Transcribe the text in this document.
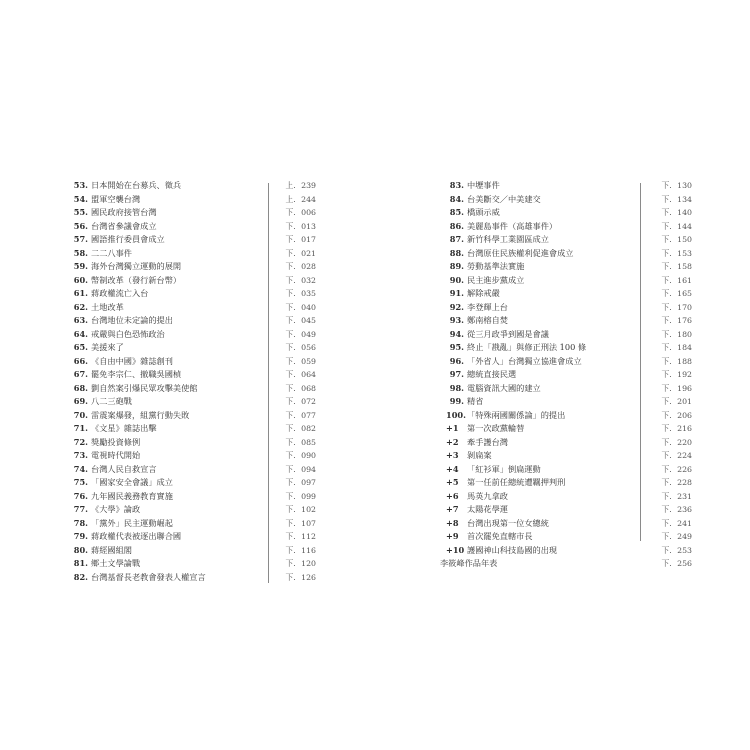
53. 日本開始在台募兵、徵兵	上．239
54. 盟軍空襲台灣	上．244
55. 國民政府接管台灣	下．006
56. 台灣省參議會成立	下．013
57. 國語推行委員會成立	下．017
58. 二二八事件	下．021
59. 海外台灣獨立運動的展開	下．028
60. 幣制改革（發行新台幣）	下．032
61. 蔣政權流亡入台	下．035
62. 土地改革	下．040
63. 台灣地位未定論的提出	下．045
64. 戒嚴與白色恐怖政治	下．049
65. 美援來了	下．056
66. 《自由中國》雜誌創刊	下．059
67. 罷免李宗仁、撤職吳國楨	下．064
68. 劉自然案引爆民眾攻擊美使館	下．068
69. 八二三砲戰	下．072
70. 雷震案爆發，組黨行動失敗	下．077
71. 《文星》雜誌出擊	下．082
72. 獎勵投資條例	下．085
73. 電視時代開始	下．090
74. 台灣人民自救宣言	下．094
75. 「國家安全會議」成立	下．097
76. 九年國民義務教育實施	下．099
77. 《大學》論政	下．102
78. 「黨外」民主運動崛起	下．107
79. 蔣政權代表被逐出聯合國	下．112
80. 蔣經國組閣	下．116
81. 鄉土文學論戰	下．120
82. 台灣基督長老教會發表人權宣言	下．126
83. 中壢事件	下．130
84. 台美斷交／中美建交	下．134
85. 橋頭示威	下．140
86. 美麗島事件（高雄事件）	下．144
87. 新竹科學工業園區成立	下．150
88. 台灣原住民族權利促進會成立	下．153
89. 勞動基準法實施	下．158
90. 民主進步黨成立	下．161
91. 解除戒嚴	下．165
92. 李登輝上台	下．170
93. 鄭南榕自焚	下．176
94. 從三月政爭到國是會議	下．180
95. 終止「戡亂」與修正刑法 100 條	下．184
96. 「外省人」台灣獨立協進會成立	下．188
97. 總統直接民選	下．192
98. 電腦資訊大國的建立	下．196
99. 精省	下．201
100. 「特殊兩國關係論」的提出	下．206
+1 第一次政黨輪替	下．216
+2 牽手護台灣	下．220
+3 剝扁案	下．224
+4 「紅衫軍」倒扁運動	下．226
+5 第一任前任總統遭羈押判刑	下．228
+6 馬英九拿政	下．231
+7 太陽花學運	下．236
+8 台灣出現第一位女總統	下．241
+9 首次罷免直轄市長	下．249
+10 護國神山科技島國的出現	下．253
李筱峰作品年表	下．256
